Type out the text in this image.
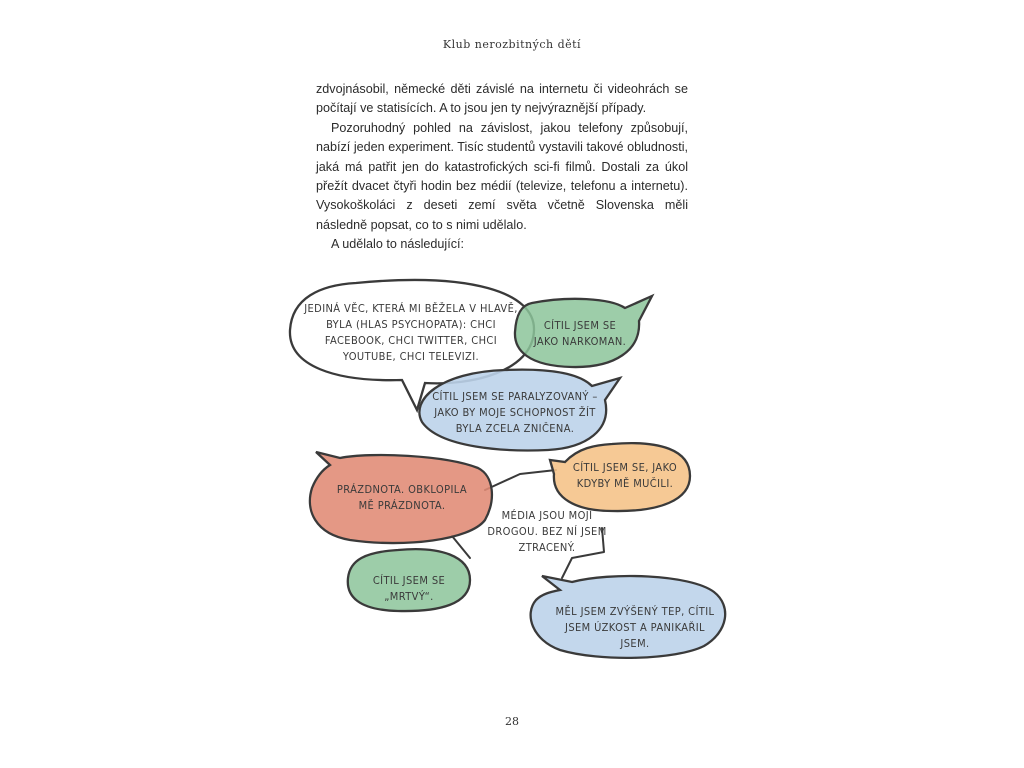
Klub nerozbitných dětí

zdvojnásobil, německé děti závislé na internetu či videohrách se počítají ve statisících. A to jsou jen ty nejvýraznější případy.

Pozoruhodný pohled na závislost, jakou telefony způsobují, nabízí jeden experiment. Tisíc studentů vystavili takové obludnosti, jaká má patřit jen do katastrofických sci-fi filmů. Dostali za úkol přežít dvacet čtyři hodin bez médií (televize, telefonu a internetu). Vysokoškoláci z deseti zemí světa včetně Slovenska měli následně popsat, co to s nimi udělalo.

A udělalo to následující:

JEDINÁ VĚC, KTERÁ MI BĚŽELA V HLAVĚ, BYLA (HLAS PSYCHOPATA): CHCI FACEBOOK, CHCI TWITTER, CHCI YOUTUBE, CHCI TELEVIZI.
CÍTIL JSEM SE JAKO NARKOMAN.
CÍTIL JSEM SE PARALYZOVANÝ – JAKO BY MOJE SCHOPNOST ŽÍT BYLA ZCELA ZNIČENA.
CÍTIL JSEM SE, JAKO KDYBY MĚ MUČILI.
PRÁZDNOTA. OBKLOPILA MĚ PRÁZDNOTA.
MÉDIA JSOU MOJÍ DROGOU. BEZ NÍ JSEM ZTRACENÝ.
CÍTIL JSEM SE „MRTVÝ“.
MĚL JSEM ZVÝŠENÝ TEP, CÍTIL JSEM ÚZKOST A PANIKAŘIL JSEM.
28
